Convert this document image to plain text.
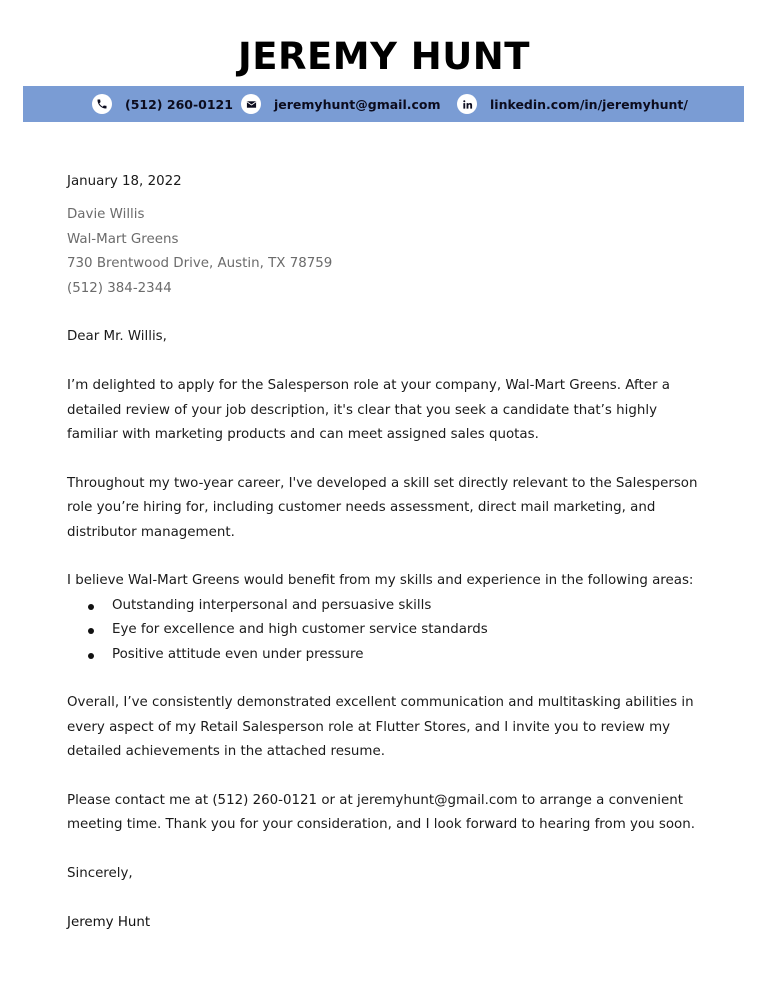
JEREMY HUNT
(512) 260-0121	jeremyhunt@gmail.com	linkedin.com/in/jeremyhunt/

January 18, 2022

Davie Willis

Wal-Mart Greens

730 Brentwood Drive, Austin, TX 78759

(512) 384-2344

Dear Mr. Willis,

I’m delighted to apply for the Salesperson role at your company, Wal-Mart Greens. After a detailed review of your job description, it's clear that you seek a candidate that’s highly familiar with marketing products and can meet assigned sales quotas.

Throughout my two-year career, I've developed a skill set directly relevant to the Salesperson role you’re hiring for, including customer needs assessment, direct mail marketing, and distributor management.

I believe Wal-Mart Greens would benefit from my skills and experience in the following areas:

Outstanding interpersonal and persuasive skills
Eye for excellence and high customer service standards
Positive attitude even under pressure

Overall, I’ve consistently demonstrated excellent communication and multitasking abilities in every aspect of my Retail Salesperson role at Flutter Stores, and I invite you to review my detailed achievements in the attached resume.

Please contact me at (512) 260-0121 or at jeremyhunt@gmail.com to arrange a convenient meeting time. Thank you for your consideration, and I look forward to hearing from you soon.

Sincerely,

Jeremy Hunt
